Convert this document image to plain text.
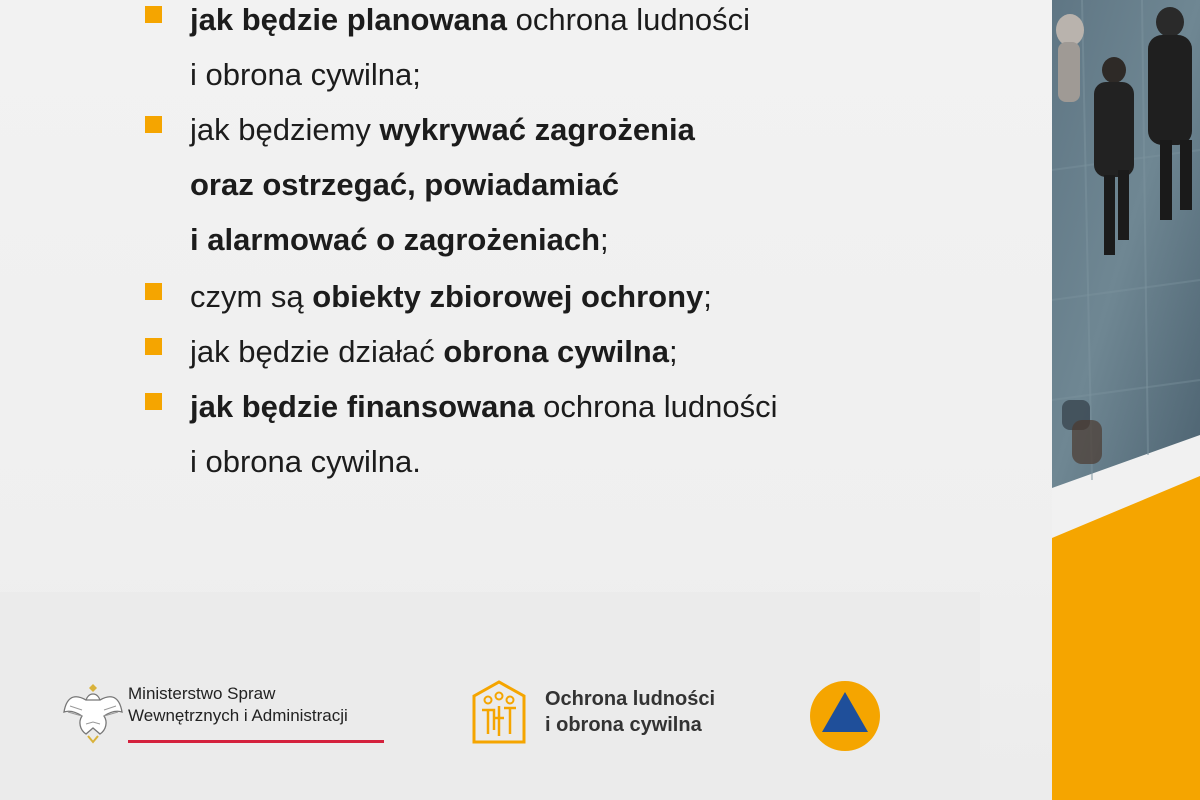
jak będzie planowana ochrona ludności
i obrona cywilna;
jak będziemy wykrywać zagrożenia
oraz ostrzegać, powiadamiać
i alarmować o zagrożeniach;
czym są obiekty zbiorowej ochrony;
jak będzie działać obrona cywilna;
jak będzie finansowana ochrona ludności
i obrona cywilna.
Ministerstwo Spraw
Wewnętrznych i Administracji
Ochrona ludności
i obrona cywilna
